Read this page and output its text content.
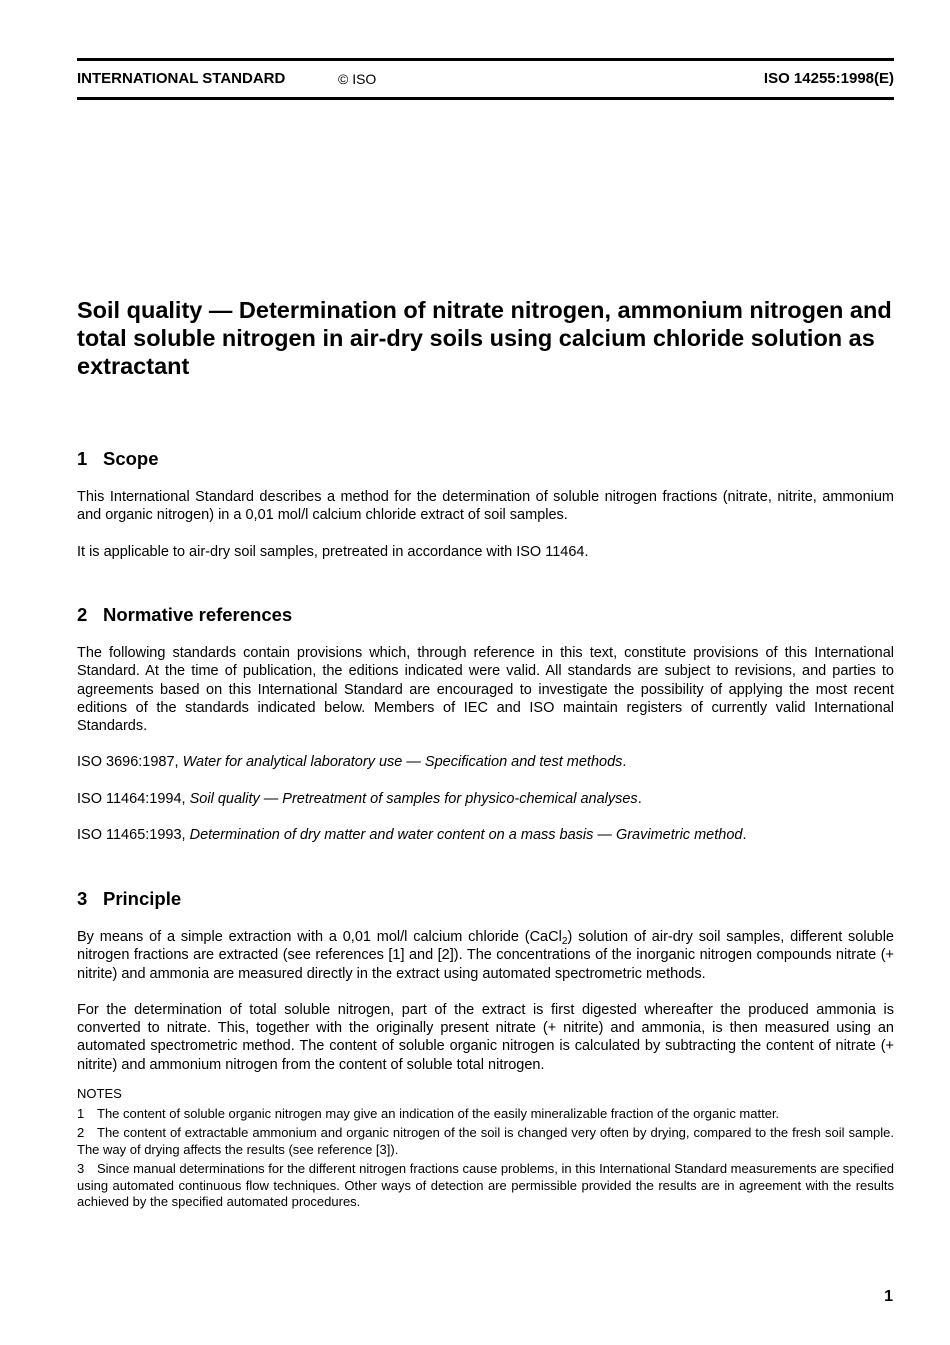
INTERNATIONAL STANDARD	© ISO	ISO 14255:1998(E)
Soil quality — Determination of nitrate nitrogen, ammonium nitrogen and total soluble nitrogen in air-dry soils using calcium chloride solution as extractant
1 Scope

This International Standard describes a method for the determination of soluble nitrogen fractions (nitrate, nitrite, ammonium and organic nitrogen) in a 0,01 mol/l calcium chloride extract of soil samples.

It is applicable to air-dry soil samples, pretreated in accordance with ISO 11464.

2 Normative references

The following standards contain provisions which, through reference in this text, constitute provisions of this International Standard. At the time of publication, the editions indicated were valid. All standards are subject to revisions, and parties to agreements based on this International Standard are encouraged to investigate the possibility of applying the most recent editions of the standards indicated below. Members of IEC and ISO maintain registers of currently valid International Standards.

ISO 3696:1987, Water for analytical laboratory use — Specification and test methods.

ISO 11464:1994, Soil quality — Pretreatment of samples for physico-chemical analyses.

ISO 11465:1993, Determination of dry matter and water content on a mass basis — Gravimetric method.

3 Principle

By means of a simple extraction with a 0,01 mol/l calcium chloride (CaCl$_2$) solution of air-dry soil samples, different soluble nitrogen fractions are extracted (see references [1] and [2]). The concentrations of the inorganic nitrogen compounds nitrate (+ nitrite) and ammonia are measured directly in the extract using automated spectrometric methods.

For the determination of total soluble nitrogen, part of the extract is first digested whereafter the produced ammonia is converted to nitrate. This, together with the originally present nitrate (+ nitrite) and ammonia, is then measured using an automated spectrometric method. The content of soluble organic nitrogen is calculated by subtracting the content of nitrate (+ nitrite) and ammonium nitrogen from the content of soluble total nitrogen.

NOTES

1 The content of soluble organic nitrogen may give an indication of the easily mineralizable fraction of the organic matter.

2 The content of extractable ammonium and organic nitrogen of the soil is changed very often by drying, compared to the fresh soil sample. The way of drying affects the results (see reference [3]).

3 Since manual determinations for the different nitrogen fractions cause problems, in this International Standard measurements are specified using automated continuous flow techniques. Other ways of detection are permissible provided the results are in agreement with the results achieved by the specified automated procedures.

1
